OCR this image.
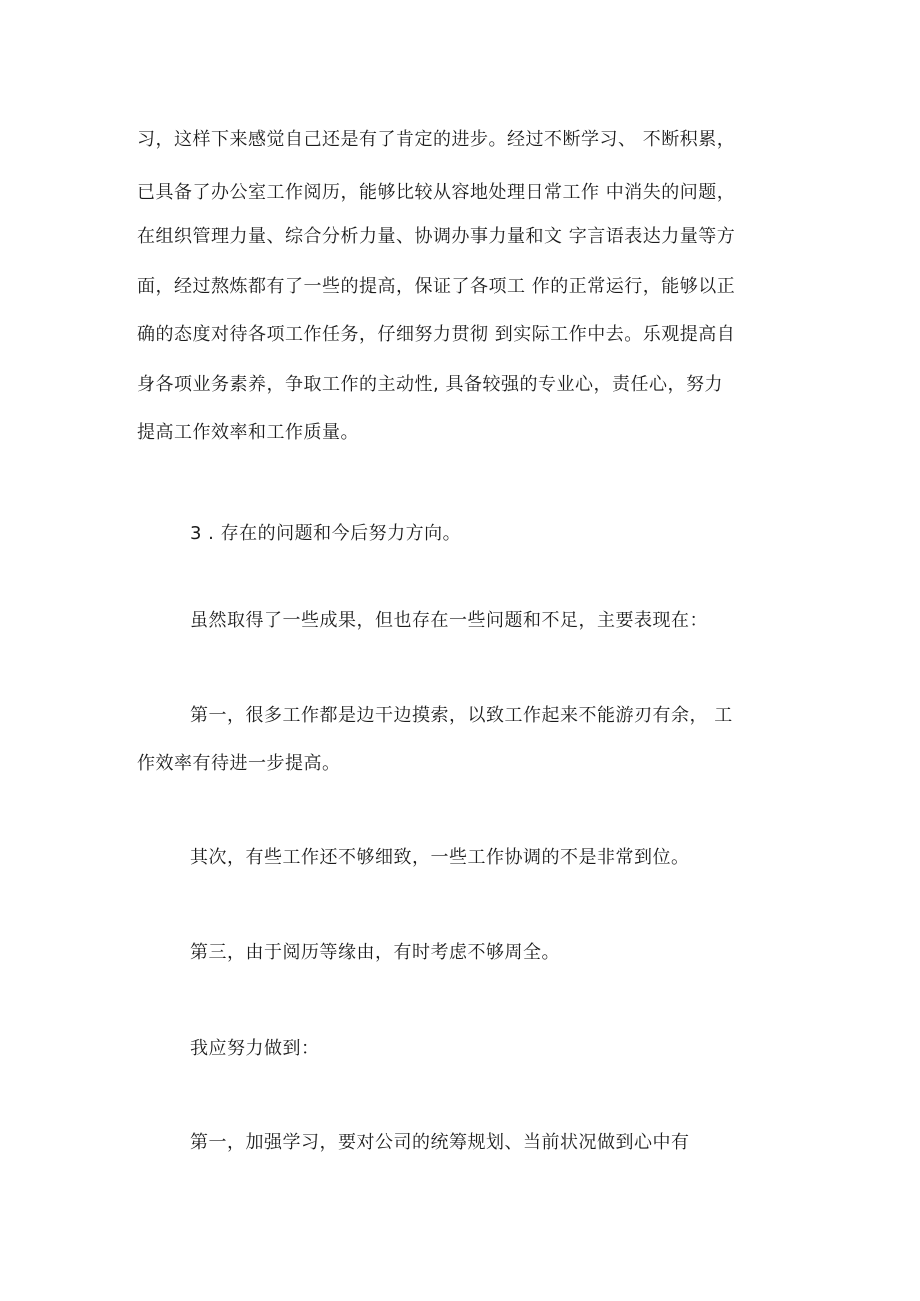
习，这样下来感觉自己还是有了肯定的进步。经过不断学习、 不断积累，
已具备了办公室工作阅历，能够比较从容地处理日常工作 中消失的问题，
在组织管理力量、综合分析力量、协调办事力量和文 字言语表达力量等方
面，经过熬炼都有了一些的提高，保证了各项工 作的正常运行，能够以正
确的态度对待各项工作任务，仔细努力贯彻 到实际工作中去。乐观提高自
身各项业务素养，争取工作的主动性, 具备较强的专业心，责任心，努力
提高工作效率和工作质量。
3 . 存在的问题和今后努力方向。
虽然取得了一些成果，但也存在一些问题和不足，主要表现在：
第一，很多工作都是边干边摸索，以致工作起来不能游刃有余， 工
作效率有待进一步提高。
其次，有些工作还不够细致，一些工作协调的不是非常到位。
第三，由于阅历等缘由，有时考虑不够周全。
我应努力做到：
第一，加强学习，要对公司的统筹规划、当前状况做到心中有
